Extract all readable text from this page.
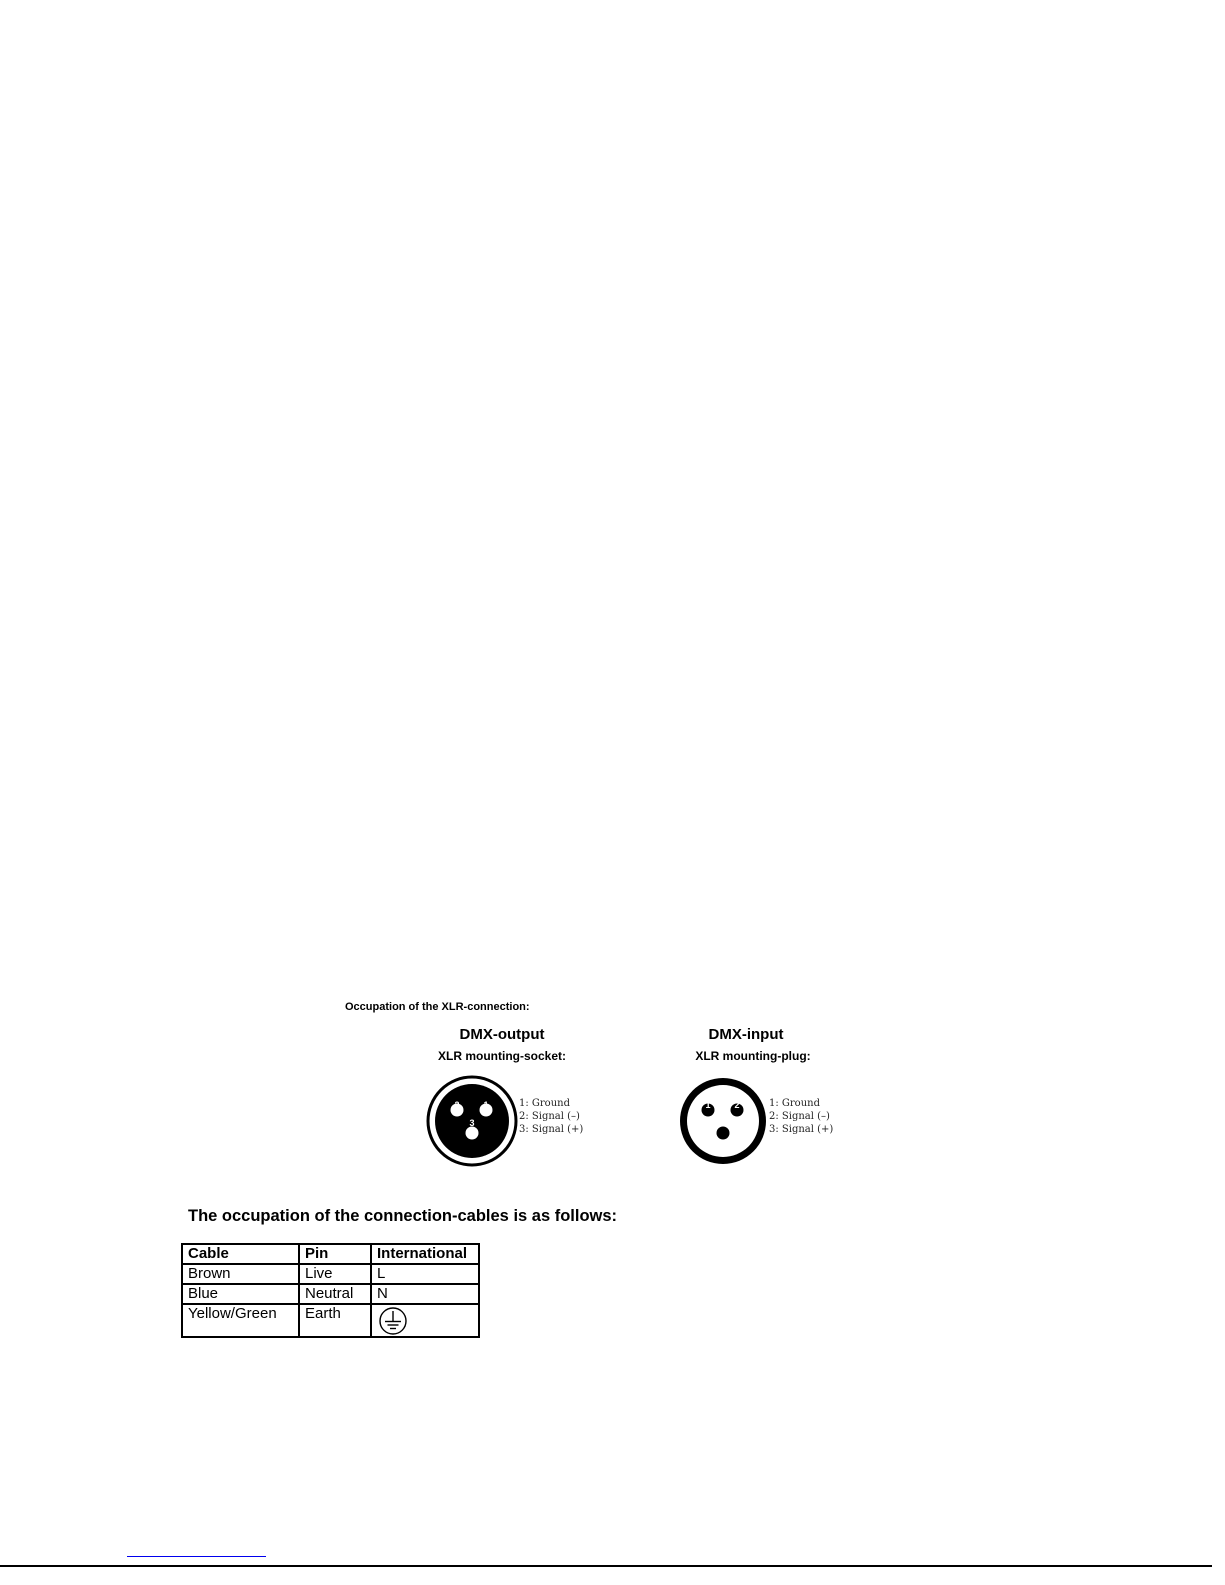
Occupation of the XLR-connection:
DMX-output
XLR mounting-socket:
2	1
3
1: Ground
2: Signal (–)
3: Signal (+)
DMX-input
XLR mounting-plug:
1	2
3
1: Ground
2: Signal (–)
3: Signal (+)
The occupation of the connection-cables is as follows:
Cable	Pin	International
Brown	Live	L
Blue	Neutral	N
Yellow/Green	Earth	
